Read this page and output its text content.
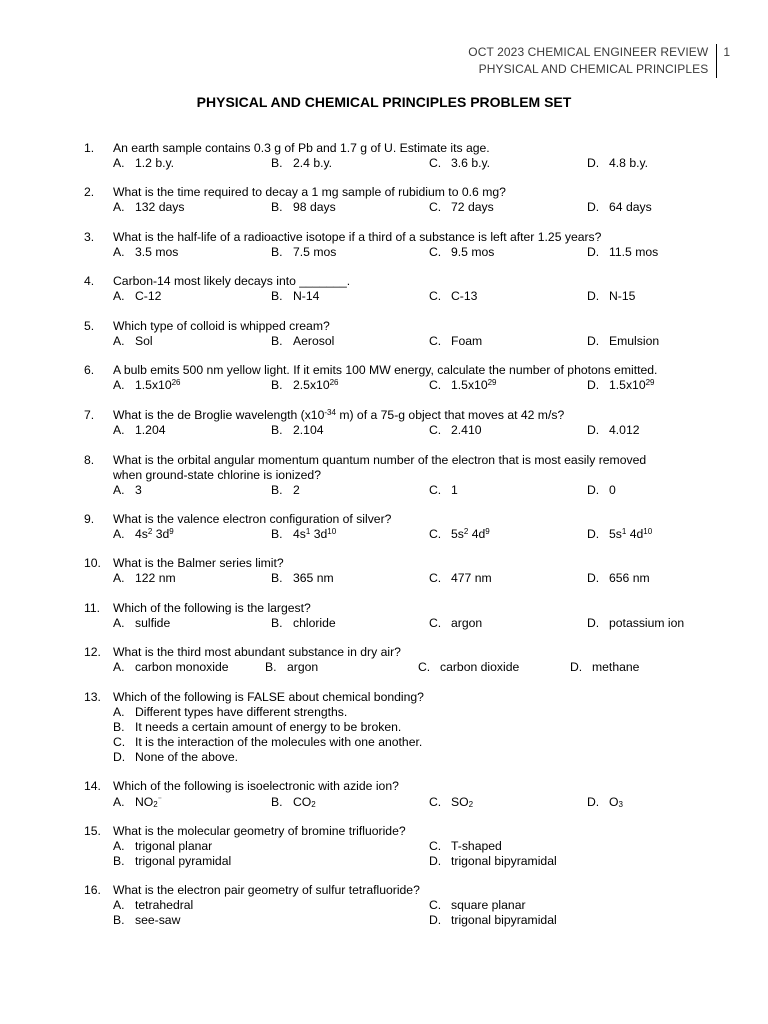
OCT 2023 CHEMICAL ENGINEER REVIEW
PHYSICAL AND CHEMICAL PRINCIPLES
1
PHYSICAL AND CHEMICAL PRINCIPLES PROBLEM SET
1. An earth sample contains 0.3 g of Pb and 1.7 g of U. Estimate its age.
A. 1.2 b.y.	B. 2.4 b.y.	C. 3.6 b.y.	D. 4.8 b.y.
2. What is the time required to decay a 1 mg sample of rubidium to 0.6 mg?
A. 132 days	B. 98 days	C. 72 days	D. 64 days
3. What is the half-life of a radioactive isotope if a third of a substance is left after 1.25 years?
A. 3.5 mos	B. 7.5 mos	C. 9.5 mos	D. 11.5 mos
4. Carbon-14 most likely decays into _______.
A. C-12	B. N-14	C. C-13	D. N-15
5. Which type of colloid is whipped cream?
A. Sol	B. Aerosol	C. Foam	D. Emulsion
6. A bulb emits 500 nm yellow light. If it emits 100 MW energy, calculate the number of photons emitted.
A. $1.5x10^{26}$	B. $2.5x10^{26}$	C. $1.5x10^{29}$	D. $1.5x10^{29}$
7. What is the de Broglie wavelength ($x10^{-34}$ m) of a 75-g object that moves at 42 m/s?
A. 1.204	B. 2.104	C. 2.410	D. 4.012
8. What is the orbital angular momentum quantum number of the electron that is most easily removed
when ground-state chlorine is ionized?
A. 3	B. 2	C. 1	D. 0
9. What is the valence electron configuration of silver?
A. $4s^2$ $3d^9$	B. $4s^1$ $3d^{10}$	C. $5s^2$ $4d^9$	D. $5s^1$ $4d^{10}$
10. What is the Balmer series limit?
A. 122 nm	B. 365 nm	C. 477 nm	D. 656 nm
11. Which of the following is the largest?
A. sulfide	B. chloride	C. argon	D. potassium ion
12. What is the third most abundant substance in dry air?
A. carbon monoxide	B. argon	C. carbon dioxide	D. methane
13. Which of the following is FALSE about chemical bonding?
A. Different types have different strengths.
B. It needs a certain amount of energy to be broken.
C. It is the interaction of the molecules with one another.
D. None of the above.
14. Which of the following is isoelectronic with azide ion?
A. $NO_2^{^-}$	B. $CO_2$	C. $SO_2$	D. $O_3$
15. What is the molecular geometry of bromine trifluoride?
A. trigonal planar	C. T-shaped
B. trigonal pyramidal	D. trigonal bipyramidal
16. What is the electron pair geometry of sulfur tetrafluoride?
A. tetrahedral	C. square planar
B. see-saw	D. trigonal bipyramidal
